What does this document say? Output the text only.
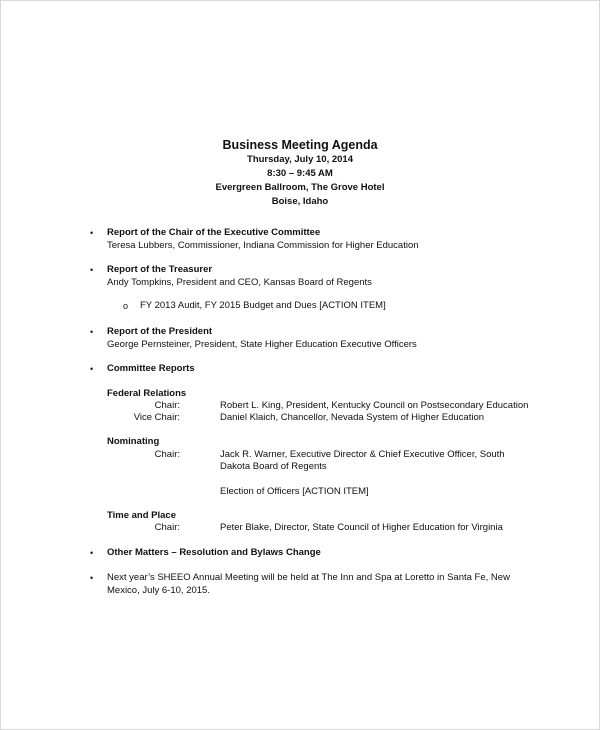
Business Meeting Agenda
Thursday, July 10, 2014
8:30 – 9:45 AM
Evergreen Ballroom, The Grove Hotel
Boise, Idaho
• Report of the Chair of the Executive Committee
Teresa Lubbers, Commissioner, Indiana Commission for Higher Education
• Report of the Treasurer
Andy Tompkins, President and CEO, Kansas Board of Regents
o FY 2013 Audit, FY 2015 Budget and Dues [ACTION ITEM]
• Report of the President
George Pernsteiner, President, State Higher Education Executive Officers
• Committee Reports
Federal Relations
Chair:	Robert L. King, President, Kentucky Council on Postsecondary Education
Vice Chair:	Daniel Klaich, Chancellor, Nevada System of Higher Education
Nominating
Chair:	Jack R. Warner, Executive Director & Chief Executive Officer, South
Dakota Board of Regents
Election of Officers [ACTION ITEM]
Time and Place
Chair:	Peter Blake, Director, State Council of Higher Education for Virginia
• Other Matters – Resolution and Bylaws Change
• Next year’s SHEEO Annual Meeting will be held at The Inn and Spa at Loretto in Santa Fe, New
Mexico, July 6-10, 2015.
